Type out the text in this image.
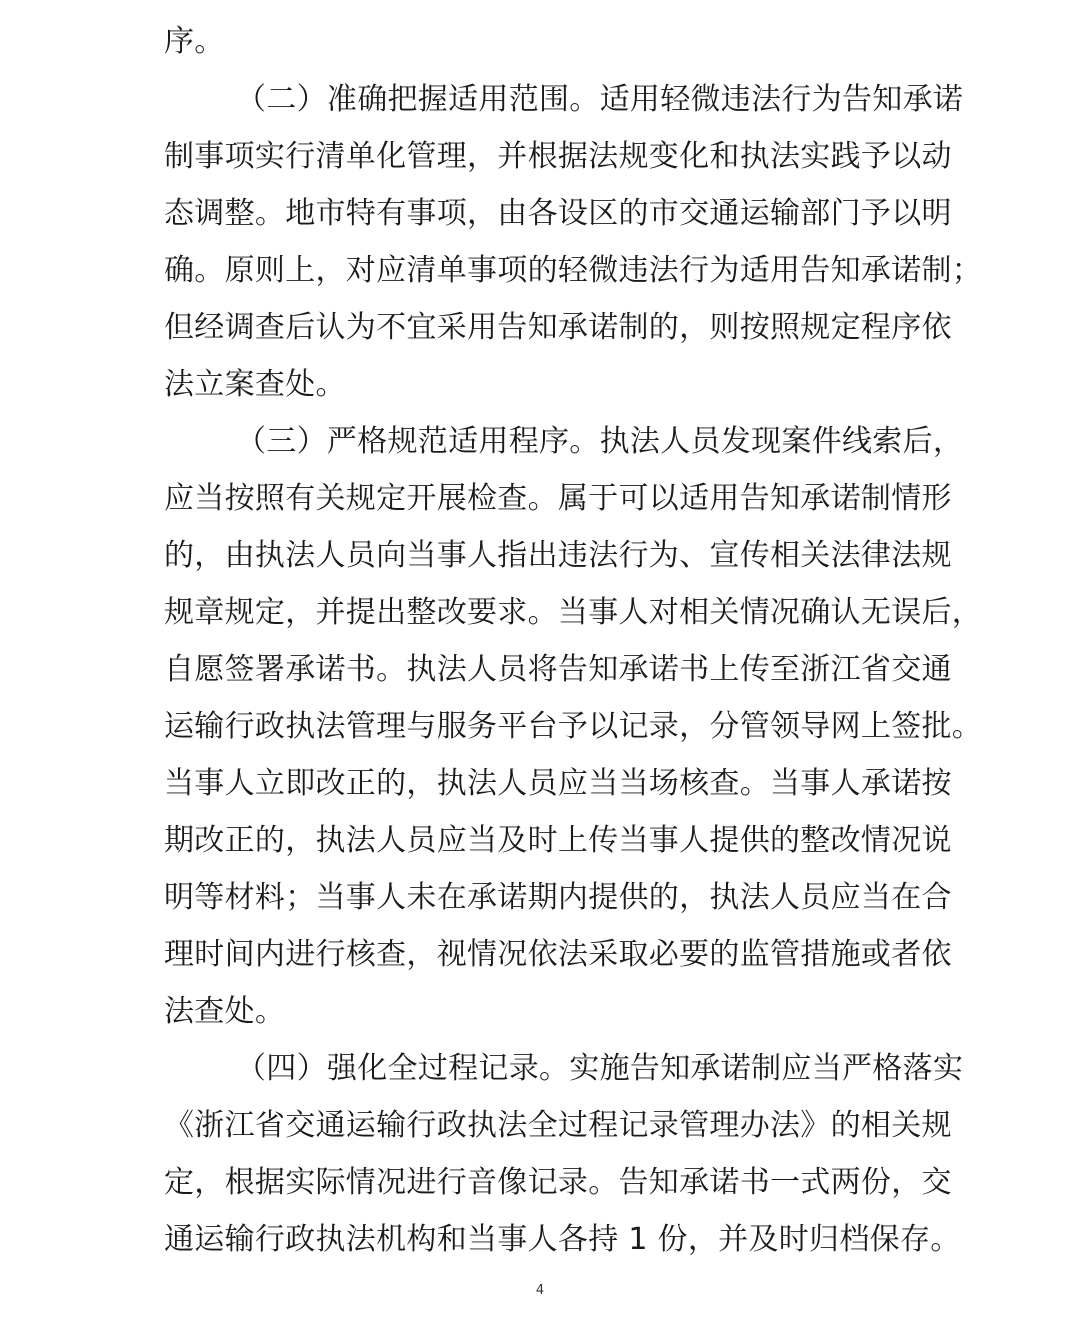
序。
（二）准确把握适用范围。适用轻微违法行为告知承诺
制事项实行清单化管理，并根据法规变化和执法实践予以动
态调整。地市特有事项，由各设区的市交通运输部门予以明
确。原则上，对应清单事项的轻微违法行为适用告知承诺制；
但经调查后认为不宜采用告知承诺制的，则按照规定程序依
法立案查处。
（三）严格规范适用程序。执法人员发现案件线索后，
应当按照有关规定开展检查。属于可以适用告知承诺制情形
的，由执法人员向当事人指出违法行为、宣传相关法律法规
规章规定，并提出整改要求。当事人对相关情况确认无误后，
自愿签署承诺书。执法人员将告知承诺书上传至浙江省交通
运输行政执法管理与服务平台予以记录，分管领导网上签批。
当事人立即改正的，执法人员应当当场核查。当事人承诺按
期改正的，执法人员应当及时上传当事人提供的整改情况说
明等材料；当事人未在承诺期内提供的，执法人员应当在合
理时间内进行核查，视情况依法采取必要的监管措施或者依
法查处。
（四）强化全过程记录。实施告知承诺制应当严格落实
《浙江省交通运输行政执法全过程记录管理办法》的相关规
定，根据实际情况进行音像记录。告知承诺书一式两份，交
通运输行政执法机构和当事人各持 1 份，并及时归档保存。
4
